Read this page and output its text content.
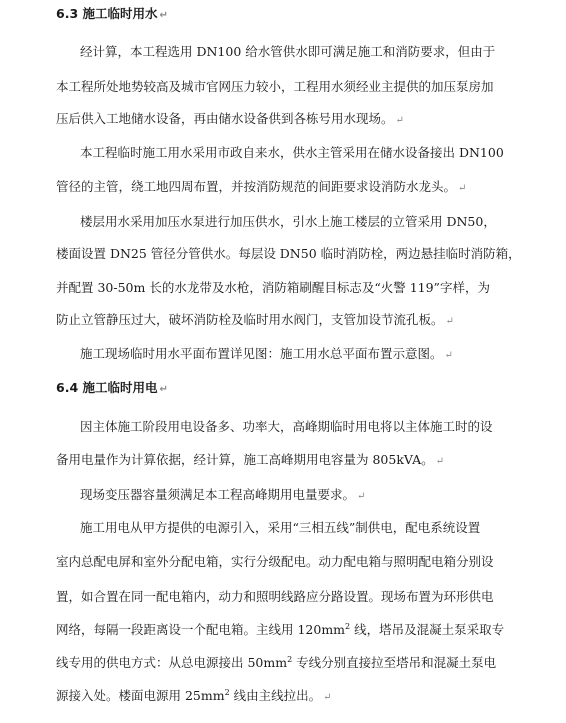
6.3 施工临时用水 ↵
经计算，本工程选用 DN100 给水管供水即可满足施工和消防要求，但由于
本工程所处地势较高及城市官网压力较小，工程用水须经业主提供的加压泵房加
压后供入工地储水设备，再由储水设备供到各栋号用水现场。 ↵
本工程临时施工用水采用市政自来水，供水主管采用在储水设备接出 DN100
管径的主管，绕工地四周布置，并按消防规范的间距要求设消防水龙头。 ↵
楼层用水采用加压水泵进行加压供水，引水上施工楼层的立管采用 DN50，
楼面设置 DN25 管径分管供水。每层设 DN50 临时消防栓，两边悬挂临时消防箱，
并配置 30-50m 长的水龙带及水枪，消防箱刷醒目标志及“火警 119”字样，为
防止立管静压过大，破坏消防栓及临时用水阀门，支管加设节流孔板。 ↵
施工现场临时用水平面布置详见图：施工用水总平面布置示意图。 ↵
6.4 施工临时用电 ↵
因主体施工阶段用电设备多、功率大，高峰期临时用电将以主体施工时的设
备用电量作为计算依据，经计算，施工高峰期用电容量为 805kVA。 ↵
现场变压器容量须满足本工程高峰期用电量要求。 ↵
施工用电从甲方提供的电源引入，采用“三相五线”制供电，配电系统设置
室内总配电屏和室外分配电箱，实行分级配电。动力配电箱与照明配电箱分别设
置，如合置在同一配电箱内，动力和照明线路应分路设置。现场布置为环形供电
网络，每隔一段距离设一个配电箱。主线用 $120mm^2$ 线，塔吊及混凝土泵采取专
线专用的供电方式：从总电源接出 $50mm^2$ 专线分别直接拉至塔吊和混凝土泵电
源接入处。楼面电源用 $25mm^2$ 线由主线拉出。 ↵
